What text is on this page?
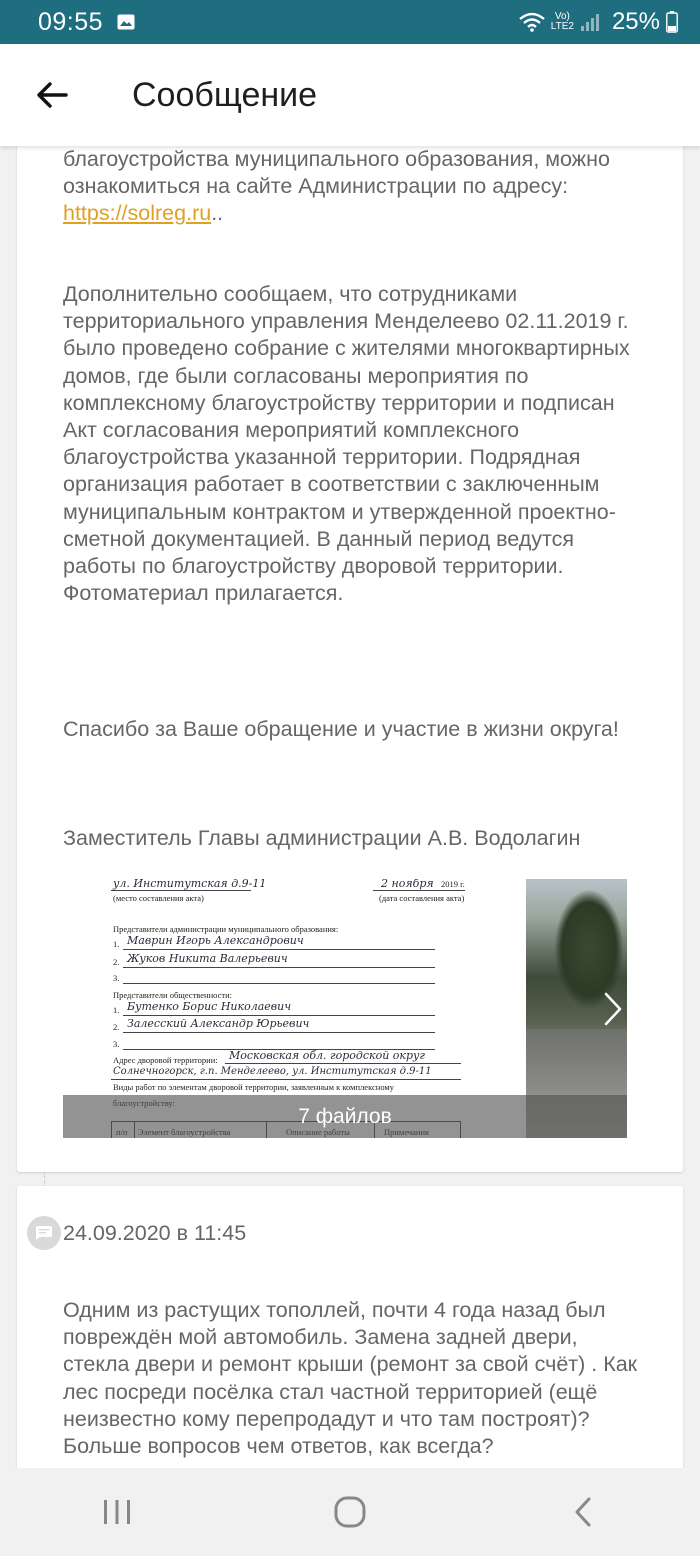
09:55	Vo)
LTE2 25%
Сообщение
благоустройства муниципального образования, можно ознакомиться на сайте Администрации по адресу: https://solreg.ru..
Дополнительно сообщаем, что сотрудниками территориального управления Менделеево 02.11.2019 г. было проведено собрание с жителями многоквартирных домов, где были согласованы мероприятия по комплексному благоустройству территории и подписан Акт согласования мероприятий комплексного благоустройства указанной территории. Подрядная организация работает в соответствии с заключенным муниципальным контрактом и утвержденной проектно-сметной документацией. В данный период ведутся работы по благоустройству дворовой территории.
Фотоматериал прилагается.
Спасибо за Ваше обращение и участие в жизни округа!
Заместитель Главы администрации А.В. Водолагин
ул. Институтская д.9-11	2 ноября 2019 г.
(место составления акта)	(дата составления акта)
Представители администрации муниципального образования:
1. Маврин Игорь Александрович
2. Жуков Никита Валерьевич
3.
Представители общественности:
1. Бутенко Борис Николаевич
2. Залесский Александр Юрьевич
3.
Адрес дворовой территории: Московская обл. городской округ
Солнечногорск, г.п. Менделеево, ул. Институтская д.9-11
Виды работ по элементам дворовой территории, заявленным к комплексному
7 файлов
24.09.2020 в 11:45
Одним из растущих тополлей, почти 4 года назад был повреждён мой автомобиль. Замена задней двери, стекла двери и ремонт крыши (ремонт за свой счёт) . Как лес посреди посёлка стал частной территорией (ещё неизвестно кому перепродадут и что там построят)? Больше вопросов чем ответов, как всегда?
